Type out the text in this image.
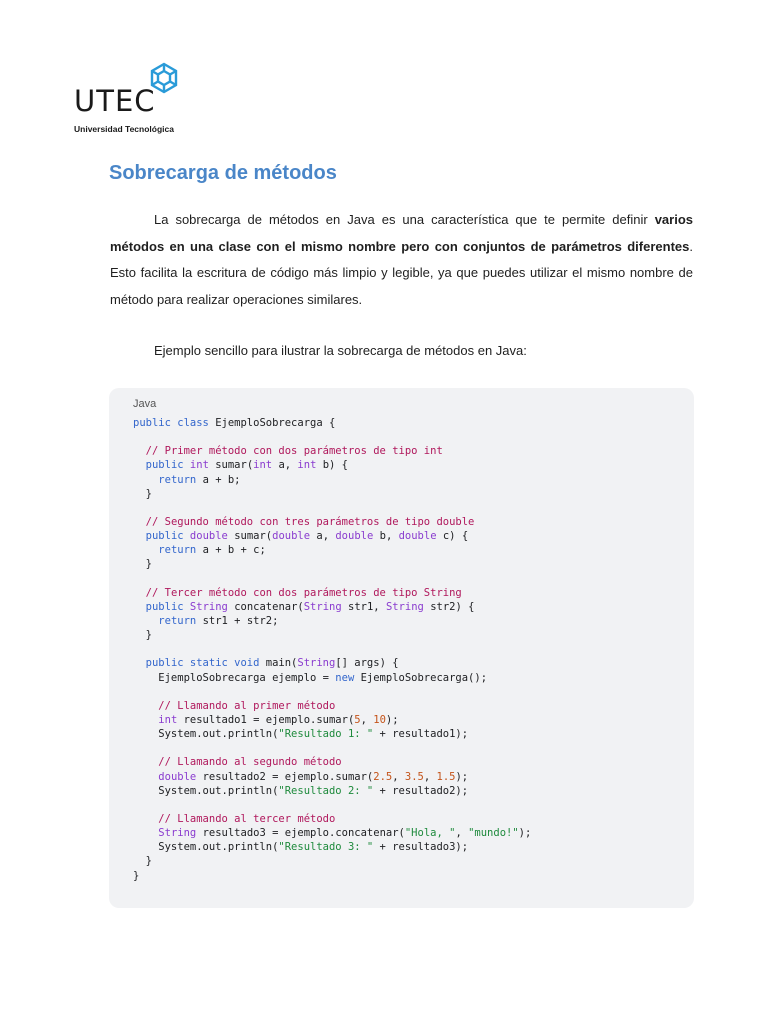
UTEC
Universidad Tecnológica
Sobrecarga de métodos
La sobrecarga de métodos en Java es una característica que te permite definir varios métodos en una clase con el mismo nombre pero con conjuntos de parámetros diferentes. Esto facilita la escritura de código más limpio y legible, ya que puedes utilizar el mismo nombre de método para realizar operaciones similares.
Ejemplo sencillo para ilustrar la sobrecarga de métodos en Java:
Java
public class EjemploSobrecarga {
// Primer método con dos parámetros de tipo int
public int sumar(int a, int b) {
return a + b;
}
// Segundo método con tres parámetros de tipo double
public double sumar(double a, double b, double c) {
return a + b + c;
}
// Tercer método con dos parámetros de tipo String
public String concatenar(String str1, String str2) {
return str1 + str2;
}
public static void main(String[] args) {
EjemploSobrecarga ejemplo = new EjemploSobrecarga();
// Llamando al primer método
int resultado1 = ejemplo.sumar(5, 10);
System.out.println("Resultado 1: " + resultado1);
// Llamando al segundo método
double resultado2 = ejemplo.sumar(2.5, 3.5, 1.5);
System.out.println("Resultado 2: " + resultado2);
// Llamando al tercer método
String resultado3 = ejemplo.concatenar("Hola, ", "mundo!");
System.out.println("Resultado 3: " + resultado3);
}
}
